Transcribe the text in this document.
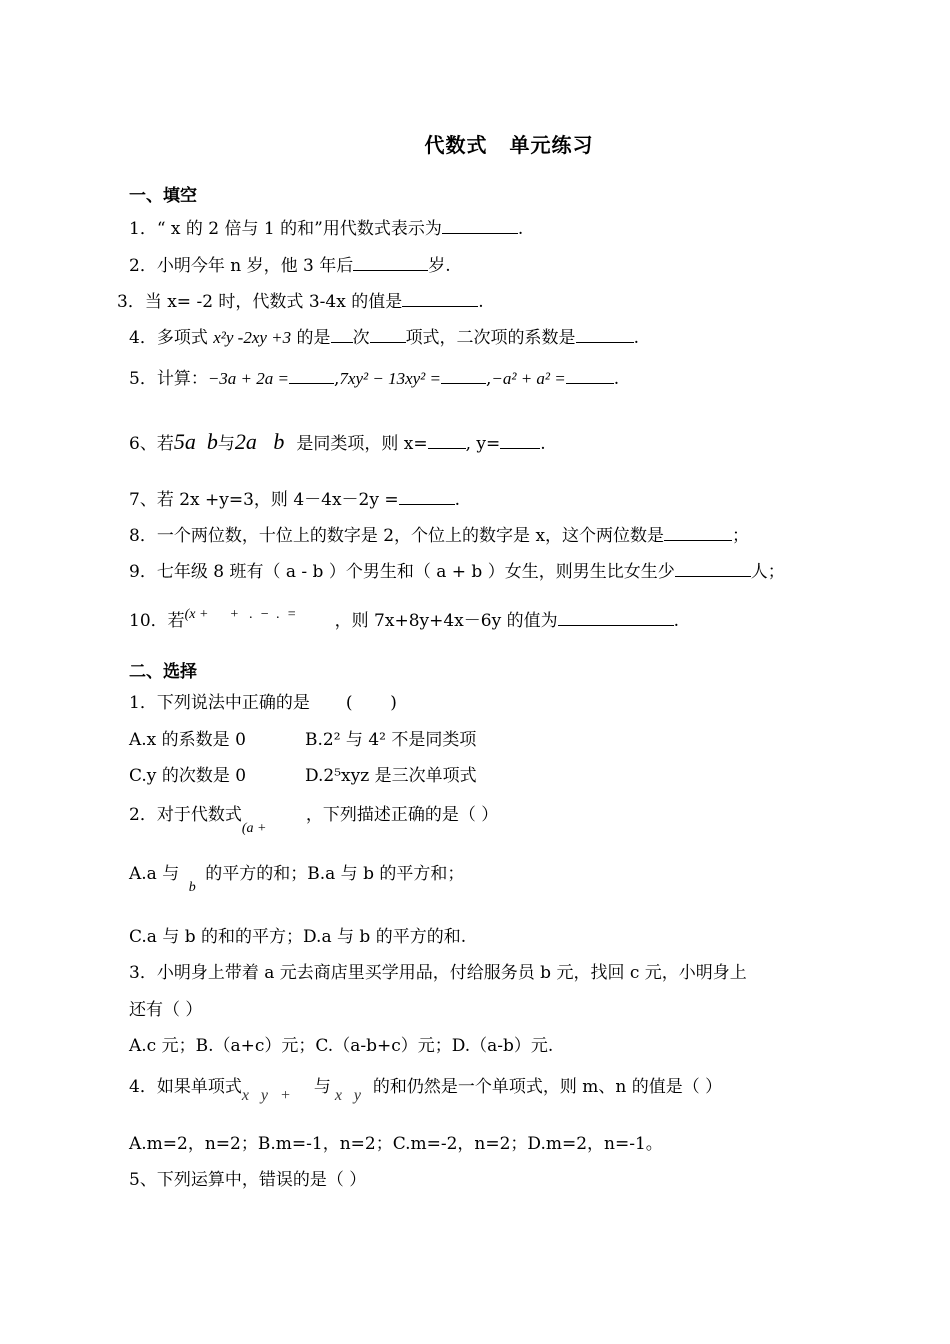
代数式 单元练习
一、填空
1．“ x 的 2 倍与 1 的和”用代数式表示为	.
2．小明今年 n 岁，他 3 年后	岁.
3．当 x= -2 时，代数式 3-4x 的值是	.
4．多项式 x²y -2xy +3 的是 次 项式，二次项的系数是	.
5．计算：−3a + 2a =	,7xy² − 13xy² =	,−a² + a² =	.
6、若5a  b与2a   b 是同类项，则 x= , y= .
7、若 2x +y=3，则 4－4x－2y =	.
8．一个两位数，十位上的数字是 2，个位上的数字是 x，这个两位数是	；
9．七年级 8 班有（ a - b ）个男生和（ a + b ）女生，则男生比女生少	人；
10．若(x +      +   .  −  .  = ，则 7x+8y+4x－6y 的值为	.
二、选择
1．下列说法中正确的是 (       )
A.x 的系数是 0	B.2² 与 4² 不是同类项
C.y 的次数是 0	D.2⁵xyz 是三次单项式
2．对于代数式(a +，下列描述正确的是（ ）
A.a 与b的平方的和；B.a 与 b 的平方和；
C.a 与 b 的和的平方；D.a 与 b 的平方的和.
3．小明身上带着 a 元去商店里买学用品，付给服务员 b 元，找回 c 元，小明身上
还有（ ）
A.c 元；B.（a+c）元；C.（a-b+c）元；D.（a-b）元.
4．如果单项式x   y   + 与 x   y 的和仍然是一个单项式，则 m、n 的值是（ ）
A.m=2，n=2；B.m=-1，n=2；C.m=-2，n=2；D.m=2，n=-1。
5、下列运算中，错误的是（ ）
